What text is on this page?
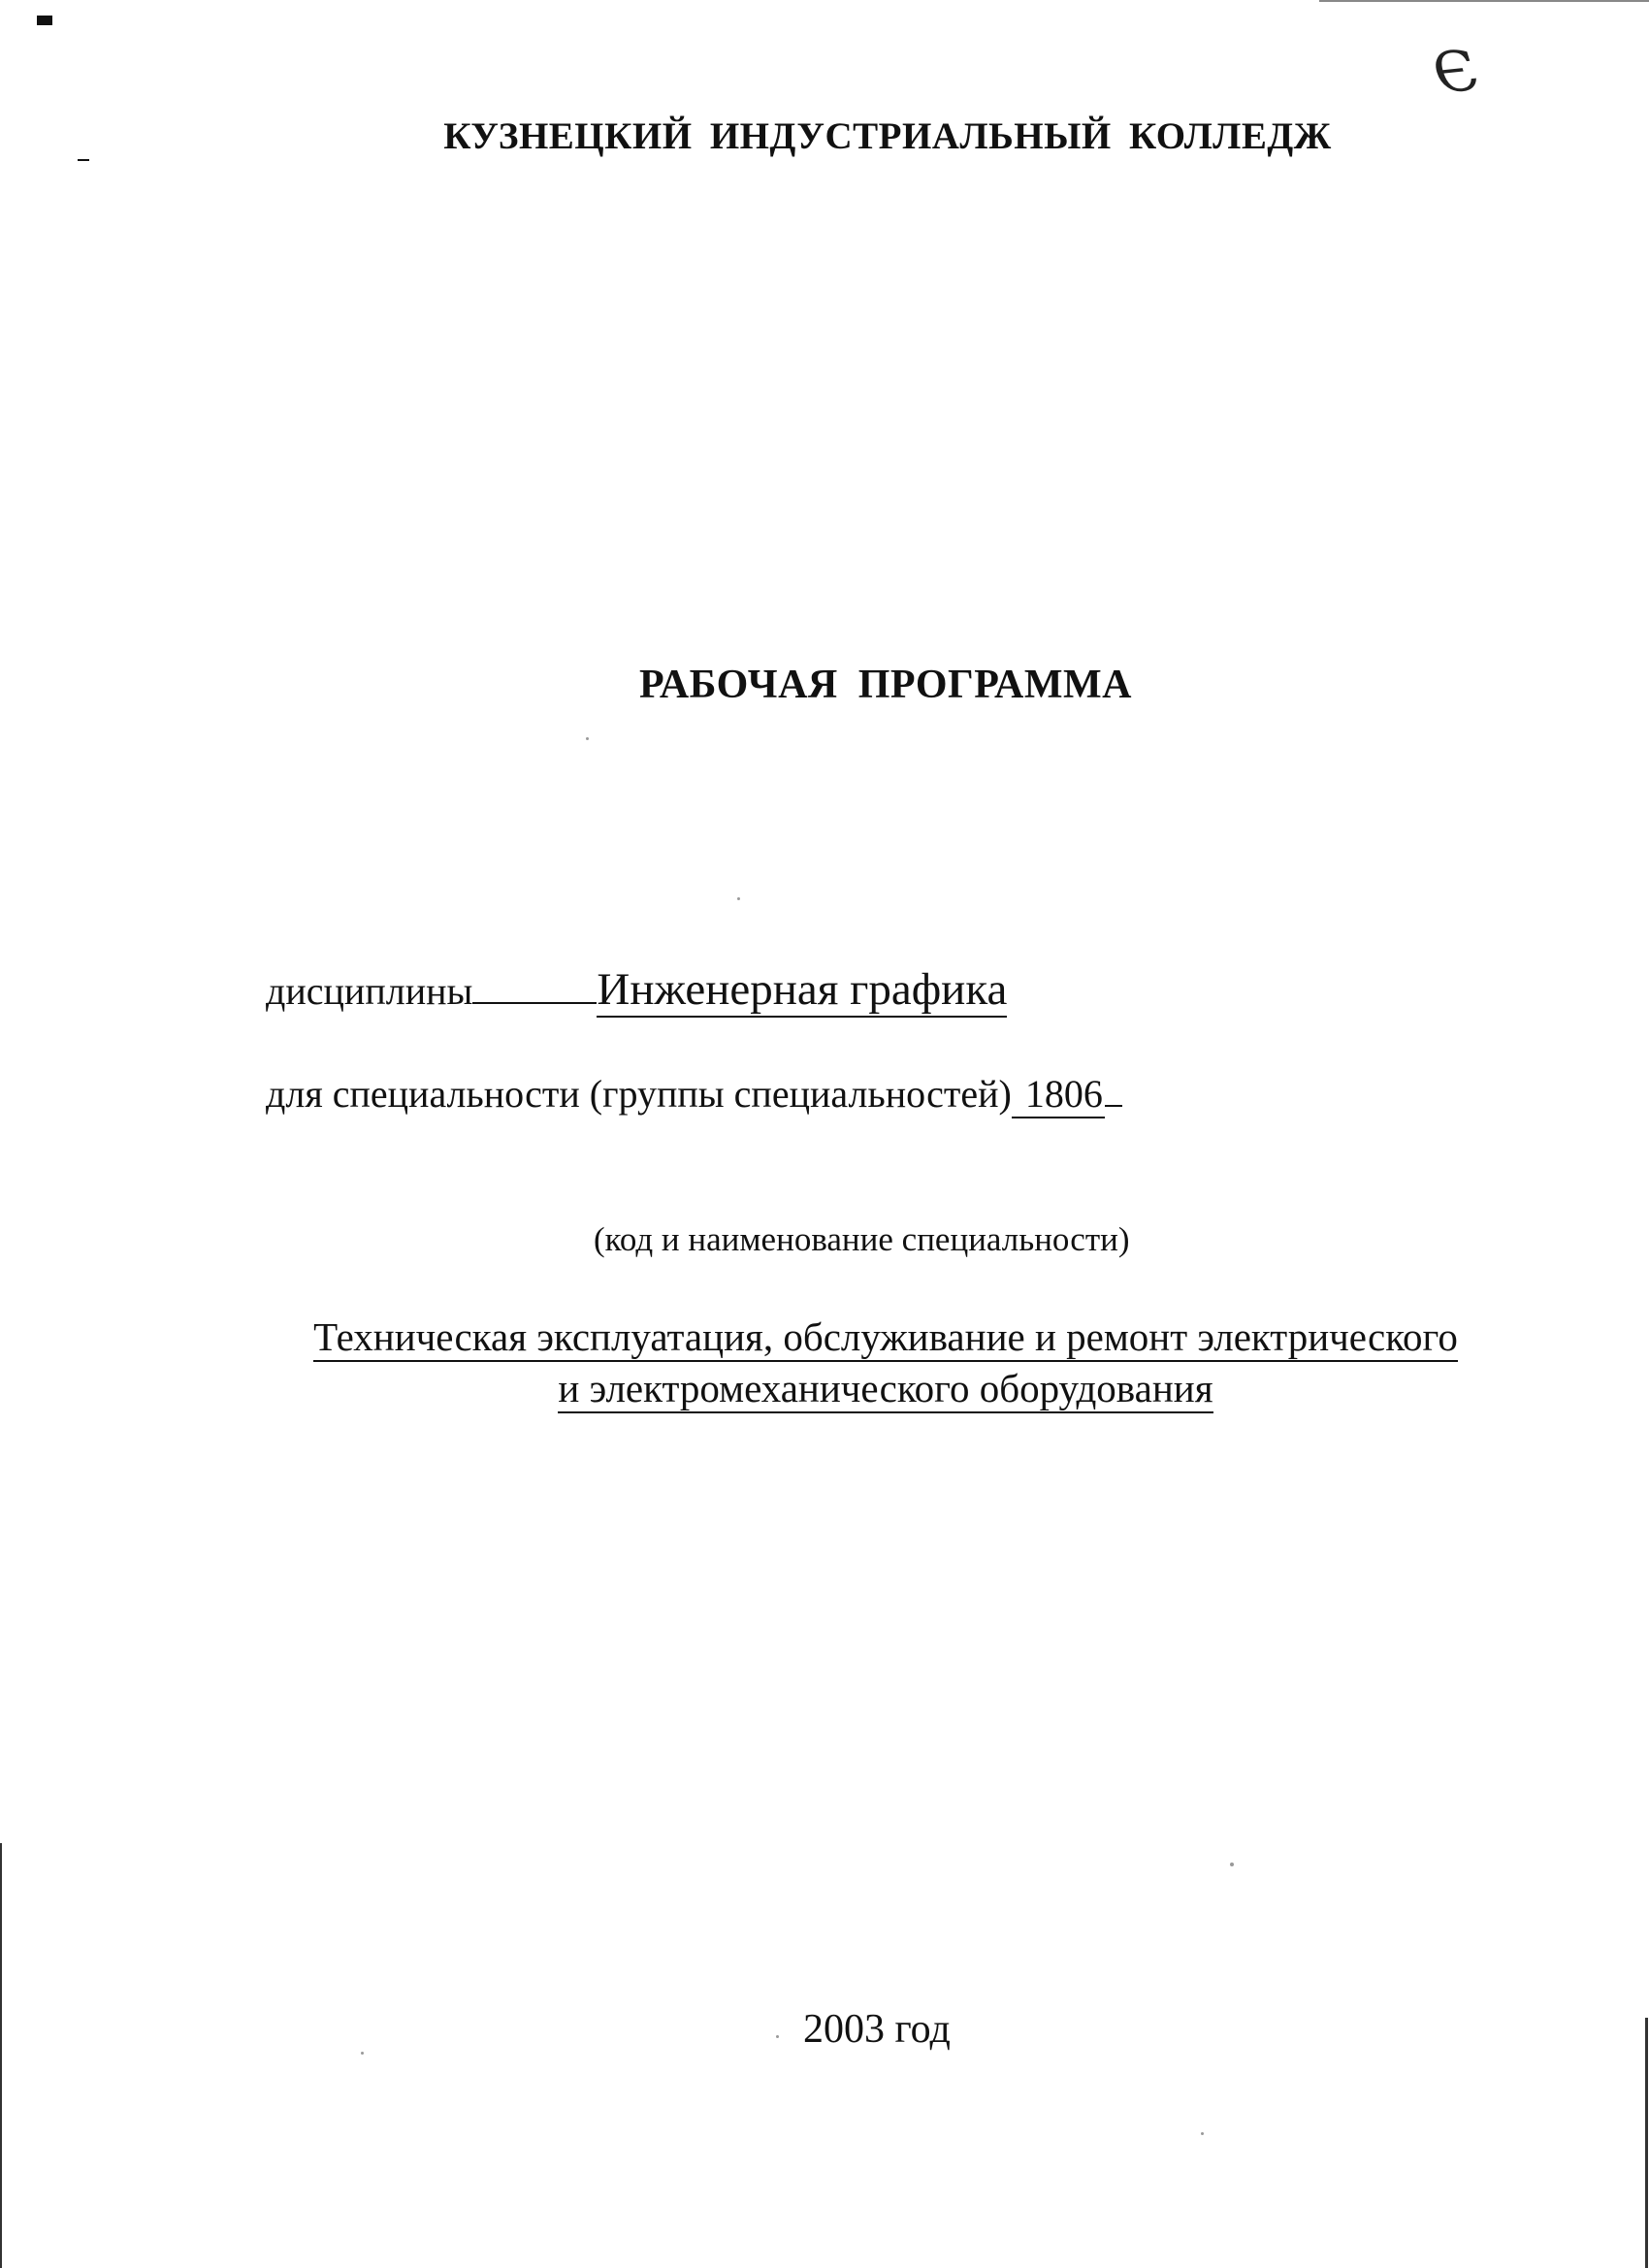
Э
КУЗНЕЦКИЙ ИНДУСТРИАЛЬНЫЙ КОЛЛЕДЖ
РАБОЧАЯ ПРОГРАММА
дисциплины	Инженерная графика
для специальности (группы специальностей) 1806
(код и наименование специальности)
Техническая эксплуатация, обслуживание и ремонт электрического
и электромеханического оборудования
2003 год
